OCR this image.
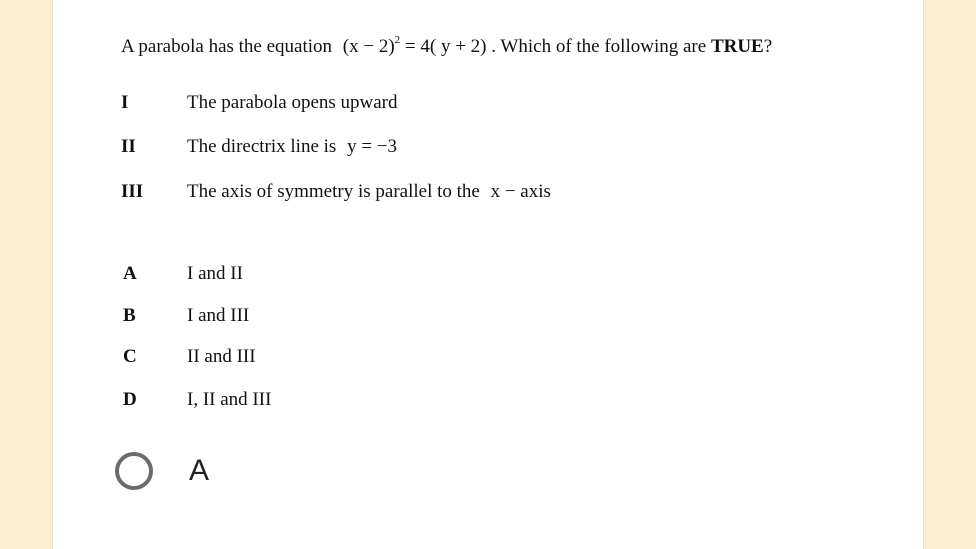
A parabola has the equation $(x - 2)^2 = 4$( y + 2) . Which of the following are TRUE?
I	The parabola opens upward
II	The directrix line is y = −3
III The axis of symmetry is parallel to the x − axis
A	I and II
B	I and III
C	II and III
D	I, II and III
A
